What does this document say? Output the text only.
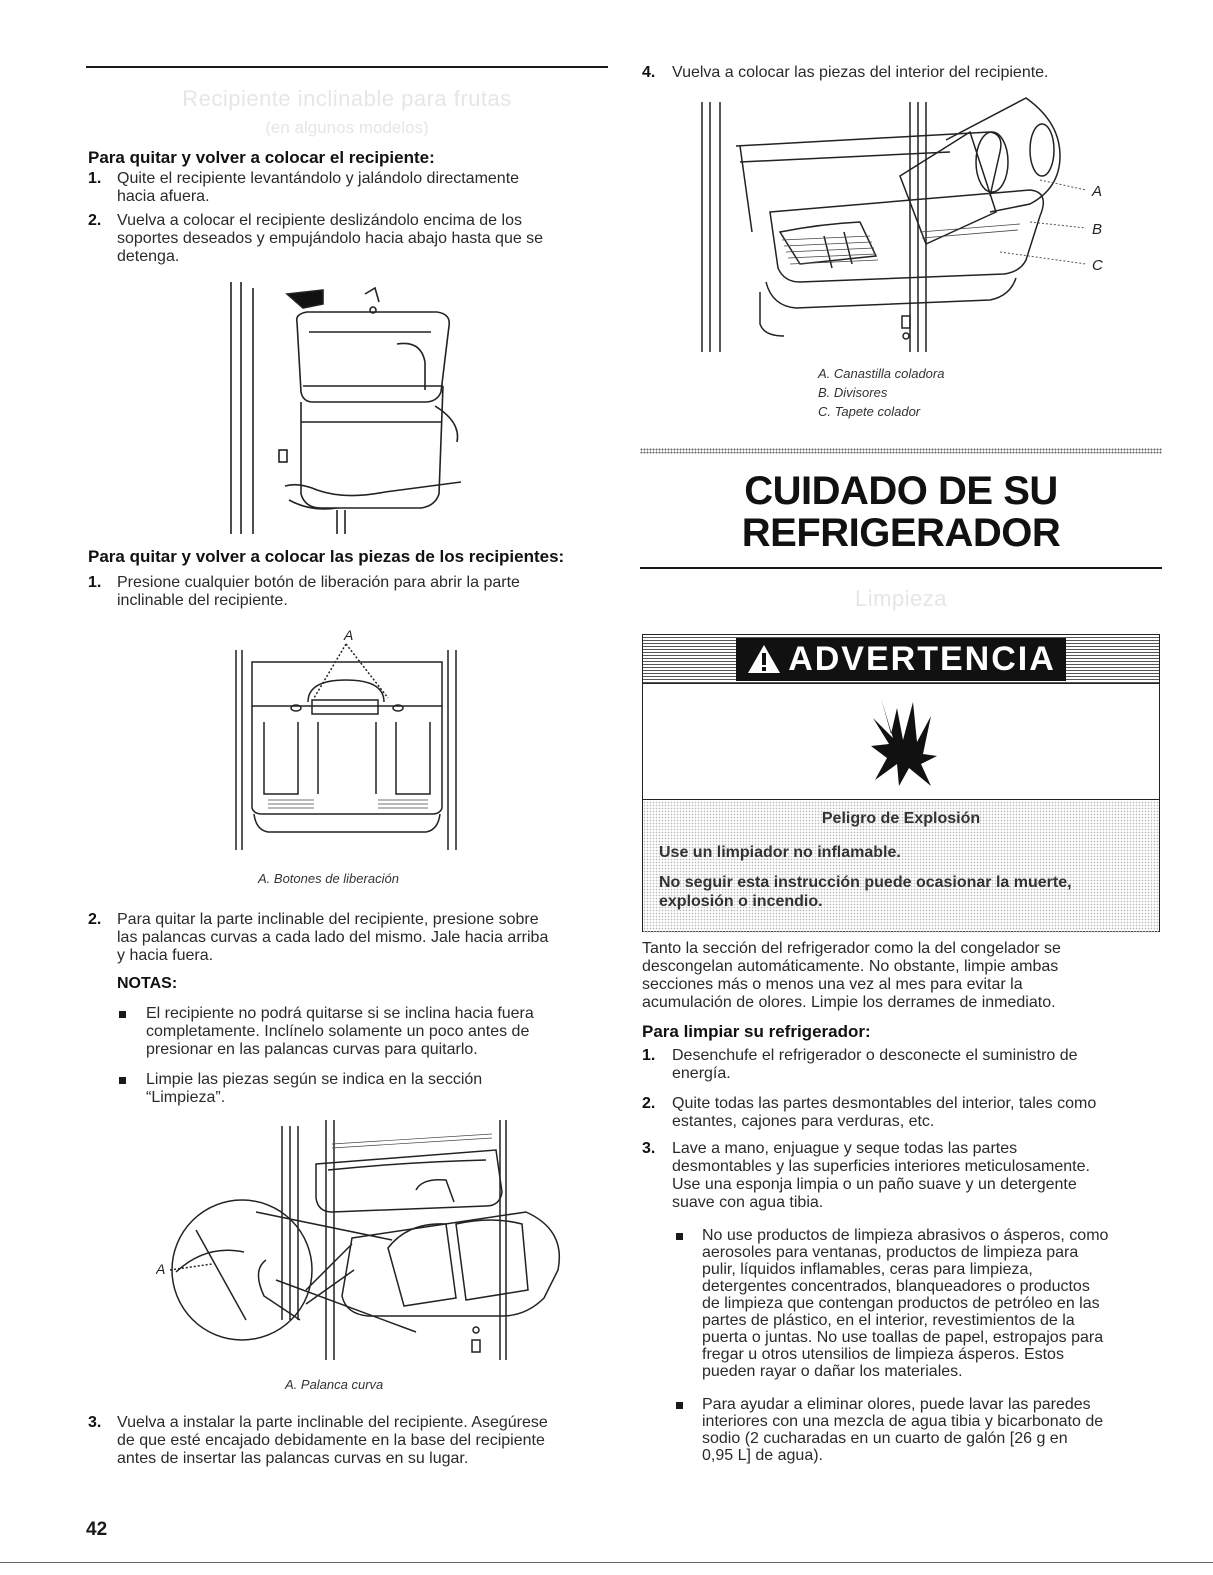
Recipiente inclinable para frutas
(en algunos modelos)
Para quitar y volver a colocar el recipiente:
1. Quite el recipiente levantándolo y jalándolo directamente
hacia afuera.
2. Vuelva a colocar el recipiente deslizándolo encima de los
soportes deseados y empujándolo hacia abajo hasta que se
detenga.
Para quitar y volver a colocar las piezas de los recipientes:
1. Presione cualquier botón de liberación para abrir la parte
inclinable del recipiente.
A
A. Botones de liberación
2. Para quitar la parte inclinable del recipiente, presione sobre
las palancas curvas a cada lado del mismo. Jale hacia arriba
y hacia fuera.
NOTAS:
El recipiente no podrá quitarse si se inclina hacia fuera
completamente. Inclínelo solamente un poco antes de
presionar en las palancas curvas para quitarlo.
Limpie las piezas según se indica en la sección
“Limpieza”.
A
A. Palanca curva
3. Vuelva a instalar la parte inclinable del recipiente. Asegúrese
de que esté encajado debidamente en la base del recipiente
antes de insertar las palancas curvas en su lugar.
42
4. Vuelva a colocar las piezas del interior del recipiente.
A
B
C
A. Canastilla coladora
B. Divisores
C. Tapete colador
CUIDADO DE SU
REFRIGERADOR
Limpieza
ADVERTENCIA
Peligro de Explosión
Use un limpiador no inflamable.
No seguir esta instrucción puede ocasionar la muerte,
explosión o incendio.
Tanto la sección del refrigerador como la del congelador se
descongelan automáticamente. No obstante, limpie ambas
secciones más o menos una vez al mes para evitar la
acumulación de olores. Limpie los derrames de inmediato.
Para limpiar su refrigerador:
1. Desenchufe el refrigerador o desconecte el suministro de
energía.
2. Quite todas las partes desmontables del interior, tales como
estantes, cajones para verduras, etc.
3. Lave a mano, enjuague y seque todas las partes
desmontables y las superficies interiores meticulosamente.
Use una esponja limpia o un paño suave y un detergente
suave con agua tibia.
No use productos de limpieza abrasivos o ásperos, como
aerosoles para ventanas, productos de limpieza para
pulir, líquidos inflamables, ceras para limpieza,
detergentes concentrados, blanqueadores o productos
de limpieza que contengan productos de petróleo en las
partes de plástico, en el interior, revestimientos de la
puerta o juntas. No use toallas de papel, estropajos para
fregar u otros utensilios de limpieza ásperos. Estos
pueden rayar o dañar los materiales.
Para ayudar a eliminar olores, puede lavar las paredes
interiores con una mezcla de agua tibia y bicarbonato de
sodio (2 cucharadas en un cuarto de galón [26 g en
0,95 L] de agua).
